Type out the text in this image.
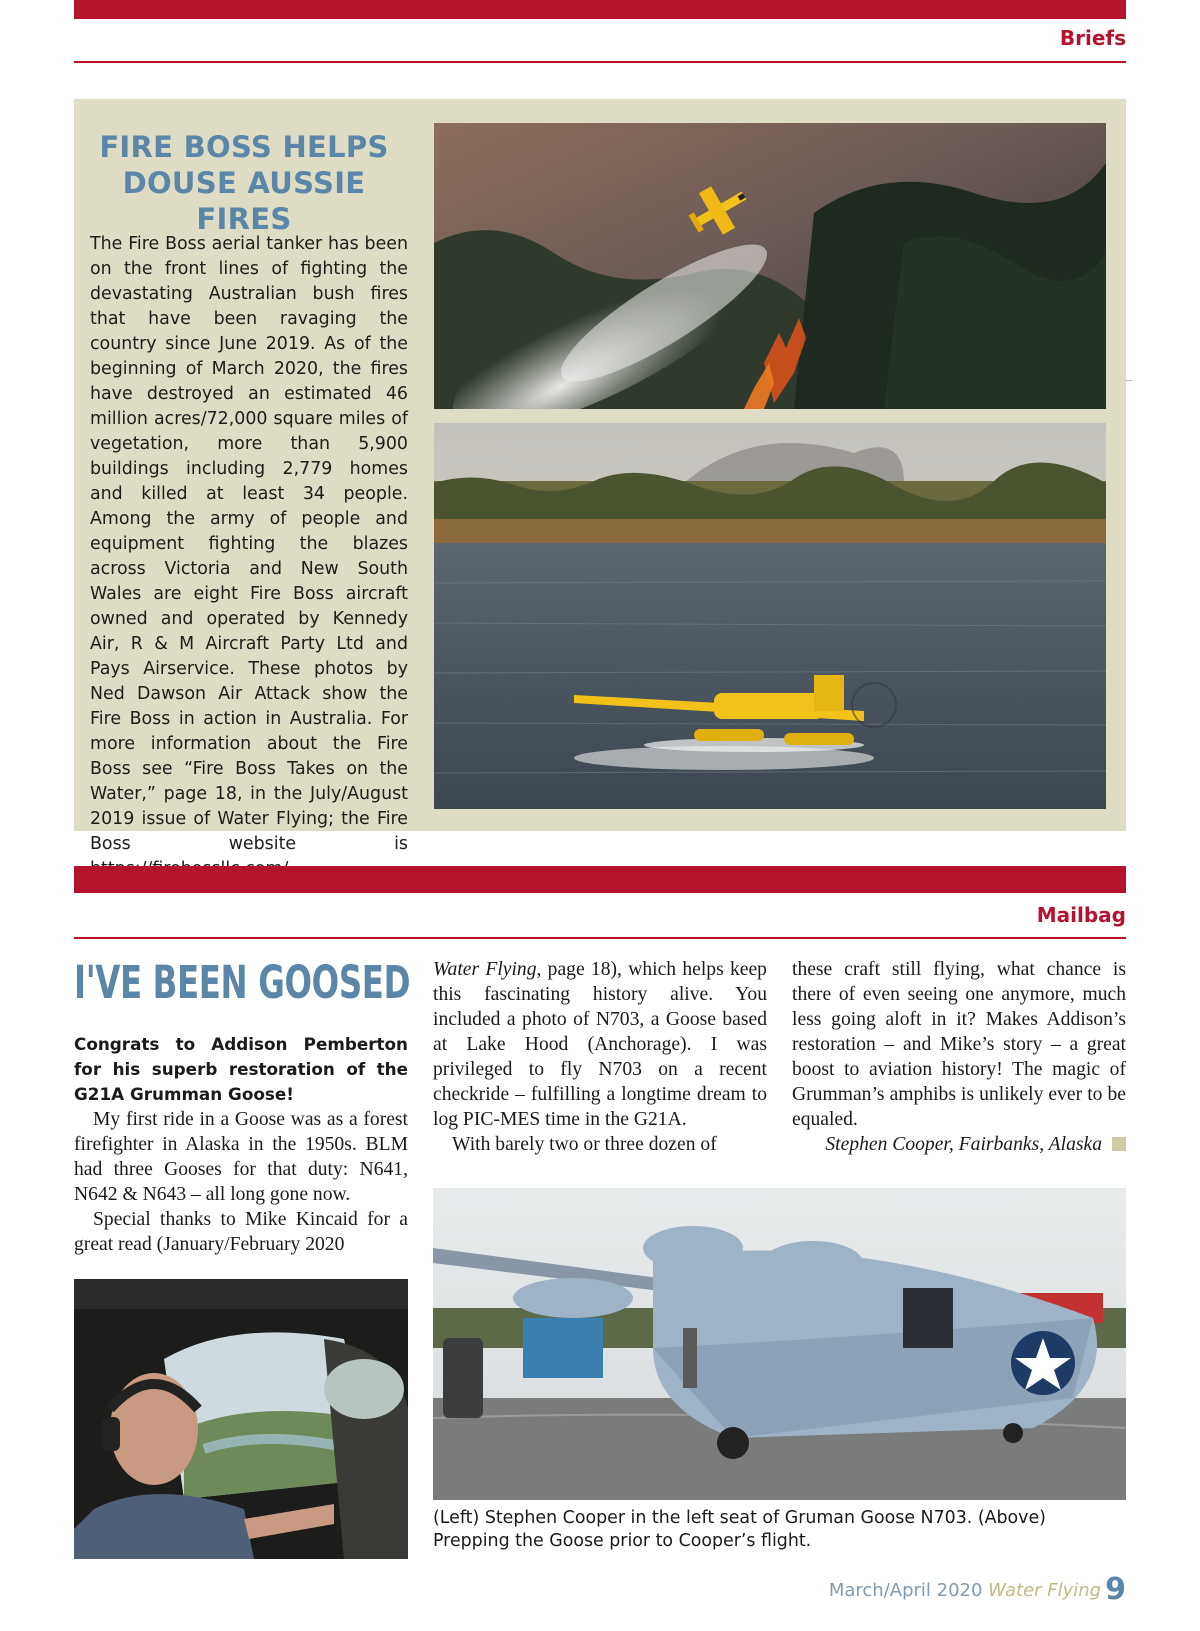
Briefs
FIRE BOSS HELPS
DOUSE AUSSIE FIRES
The Fire Boss aerial tanker has been on the front lines of fighting the devastating Australian bush fires that have been ravaging the country since June 2019. As of the beginning of March 2020, the fires have destroyed an estimated 46 million acres/72,000 square miles of vegetation, more than 5,900 buildings including 2,779 homes and killed at least 34 people. Among the army of people and equipment fighting the blazes across Victoria and New South Wales are eight Fire Boss aircraft owned and operated by Kennedy Air, R & M Aircraft Party Ltd and Pays Airservice. These photos by Ned Dawson Air Attack show the Fire Boss in action in Australia. For more information about the Fire Boss see “Fire Boss Takes on the Water,” page 18, in the July/August 2019 issue of Water Flying; the Fire Boss website is
Mailbag
I'VE BEEN GOOSED
Congrats to Addison Pemberton for his superb restoration of the G21A Grumman Goose!

My first ride in a Goose was as a forest firefighter in Alaska in the 1950s. BLM had three Gooses for that duty: N641, N642 & N643 – all long gone now.

Special thanks to Mike Kincaid for a great read (January/February 2020

Water Flying, page 18), which helps keep this fascinating history alive. You included a photo of N703, a Goose based at Lake Hood (Anchorage). I was privileged to fly N703 on a recent checkride – fulfilling a longtime dream to log PIC-MES time in the G21A.

With barely two or three dozen of

these craft still flying, what chance is there of even seeing one anymore, much less going aloft in it? Makes Addison’s restoration – and Mike’s story – a great boost to aviation history! The magic of Grumman’s amphibs is unlikely ever to be equaled.

Stephen Cooper, Fairbanks, Alaska

(Left) Stephen Cooper in the left seat of Gruman Goose N703. (Above) Prepping the Goose prior to Cooper’s flight.
March/April 2020 Water Flying 9
